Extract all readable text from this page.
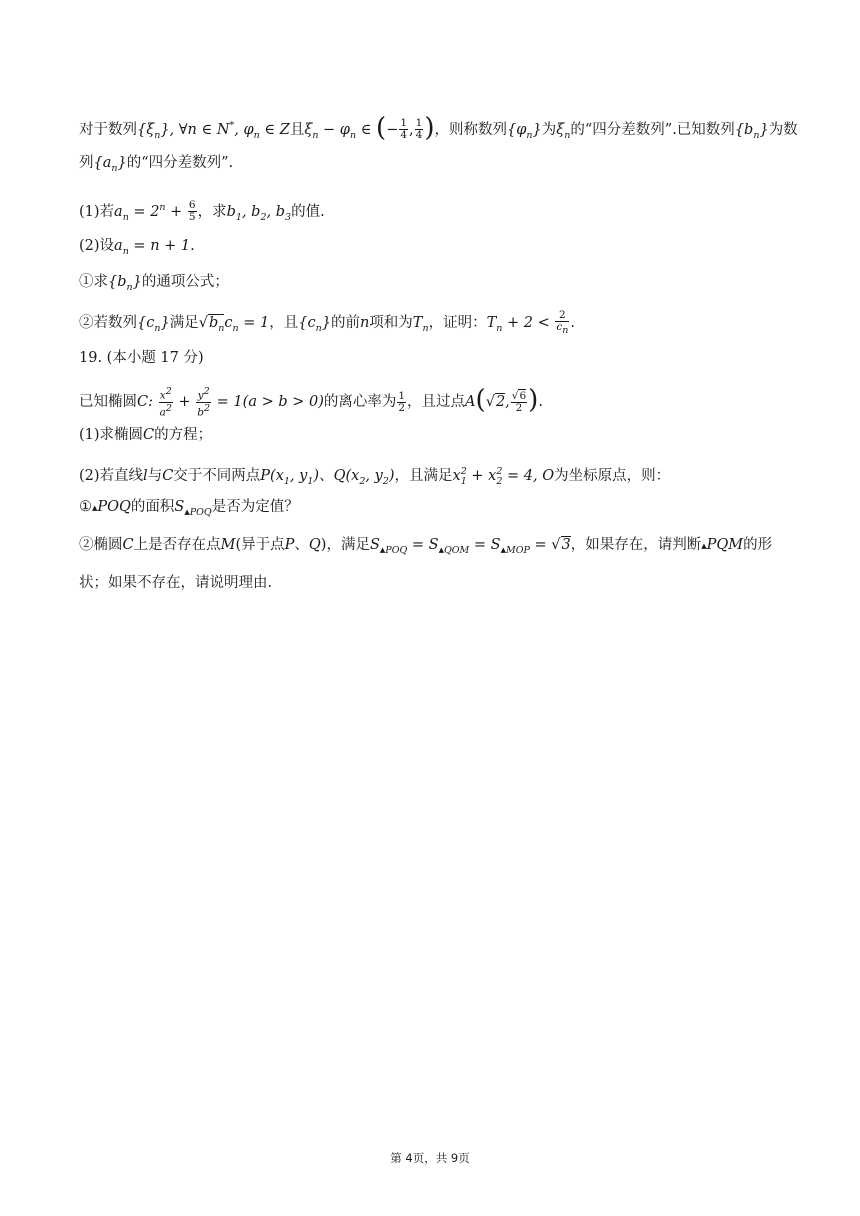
对于数列$\{\xi_n\}$, ∀n ∈ N*, $\varphi_n$ ∈ Z且$\xi_n - \varphi_n$ ∈ (− $\frac{1}{4}$ , $\frac{1}{4}$ )，则称数列$\{\varphi_n\}$为$\xi_n$的“四分差数列”.已知数列$\{b_n\}$为数
列$\{a_n\}$的“四分差数列”.
(1)若$a_n = 2^n + \frac{6}{5}$ ，求$b_1$, $b_2$, $b_3$的值.
(2)设$a_n = n + 1$.
①求$\{b_n\}$的通项公式；
②若数列$\{c_n\}$满足$√b_nc_n = 1$，且$\{c_n\}$的前n项和为$T_n$，证明：$T_n + 2 < \frac{2}{c_n}$ .
19. (本小题 17 分)
已知椭圆C: $\frac{x^2}{a^2} + \frac{y^2}{b^2} = 1(a > b > 0)$的离心率为 $\frac{1}{2}$ ，且过点A(√2, $\frac{√6}{2}$ ).
(1)求椭圆C的方程；
(2)若直线l与C交于不同两点$P(x_1$, $y_1$)、$Q(x_2$, $y_2$)，且满足$x_1^2 + x_2^2 = 4$, O为坐标原点，则：
①▲POQ的面积$S_{▲POQ}$是否为定值？
②椭圆C上是否存在点M(异于点P、Q)，满足$S_{▲POQ} = S_{▲QOM} = S_{▲MOP} = √3$，如果存在，请判断▲PQM的形
状；如果不存在，请说明理由.
第 4页，共 9页
